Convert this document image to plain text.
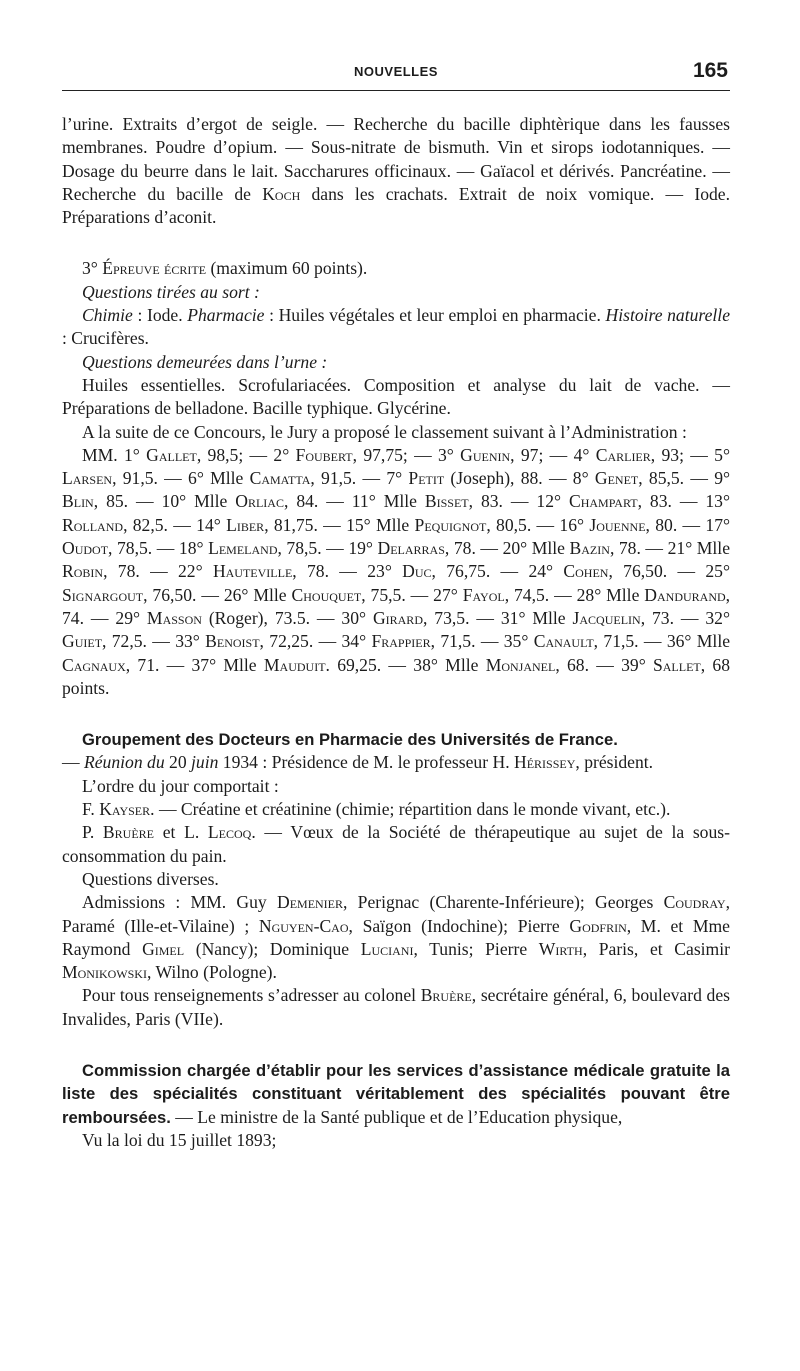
NOUVELLES	165

l’urine. Extraits d’ergot de seigle. — Recherche du bacille diphtèrique dans les fausses membranes. Poudre d’opium. — Sous-nitrate de bismuth. Vin et sirops iodotanniques. — Dosage du beurre dans le lait. Saccharures officinaux. — Gaïacol et dérivés. Pancréatine. — Recherche du bacille de Koch dans les crachats. Extrait de noix vomique. — Iode. Préparations d’aconit.

3° Épreuve écrite (maximum 60 points).

Questions tirées au sort :

Chimie : Iode. Pharmacie : Huiles végétales et leur emploi en pharmacie. Histoire naturelle : Crucifères.

Questions demeurées dans l’urne :

Huiles essentielles. Scrofulariacées. Composition et analyse du lait de vache. — Préparations de belladone. Bacille typhique. Glycérine.

A la suite de ce Concours, le Jury a proposé le classement suivant à l’Administration :

MM. 1° Gallet, 98,5; — 2° Foubert, 97,75; — 3° Guenin, 97; — 4° Carlier, 93; — 5° Larsen, 91,5. — 6° Mlle Camatta, 91,5. — 7° Petit (Joseph), 88. — 8° Genet, 85,5. — 9° Blin, 85. — 10° Mlle Orliac, 84. — 11° Mlle Bisset, 83. — 12° Champart, 83. — 13° Rolland, 82,5. — 14° Liber, 81,75. — 15° Mlle Pequignot, 80,5. — 16° Jouenne, 80. — 17° Oudot, 78,5. — 18° Lemeland, 78,5. — 19° Delarras, 78. — 20° Mlle Bazin, 78. — 21° Mlle Robin, 78. — 22° Hauteville, 78. — 23° Duc, 76,75. — 24° Cohen, 76,50. — 25° Signargout, 76,50. — 26° Mlle Chouquet, 75,5. — 27° Fayol, 74,5. — 28° Mlle Dandurand, 74. — 29° Masson (Roger), 73.5. — 30° Girard, 73,5. — 31° Mlle Jacquelin, 73. — 32° Guiet, 72,5. — 33° Benoist, 72,25. — 34° Frappier, 71,5. — 35° Canault, 71,5. — 36° Mlle Cagnaux, 71. — 37° Mlle Mauduit. 69,25. — 38° Mlle Monjanel, 68. — 39° Sallet, 68 points.

Groupement des Docteurs en Pharmacie des Universités de France.

— Réunion du 20 juin 1934 : Présidence de M. le professeur H. Hérissey, président.

L’ordre du jour comportait :

F. Kayser. — Créatine et créatinine (chimie; répartition dans le monde vivant, etc.).

P. Bruère et L. Lecoq. — Vœux de la Société de thérapeutique au sujet de la sous-consommation du pain.

Questions diverses.

Admissions : MM. Guy Demenier, Perignac (Charente-Inférieure); Georges Coudray, Paramé (Ille-et-Vilaine) ; Nguyen-Cao, Saïgon (Indochine); Pierre Godfrin, M. et Mme Raymond Gimel (Nancy); Dominique Luciani, Tunis; Pierre Wirth, Paris, et Casimir Monikowski, Wilno (Pologne).

Pour tous renseignements s’adresser au colonel Bruère, secrétaire général, 6, boulevard des Invalides, Paris (VIIe).

Commission chargée d’établir pour les services d’assistance médicale gratuite la liste des spécialités constituant véritablement des spécialités pouvant être remboursées. — Le ministre de la Santé publique et de l’Education physique,

Vu la loi du 15 juillet 1893;
